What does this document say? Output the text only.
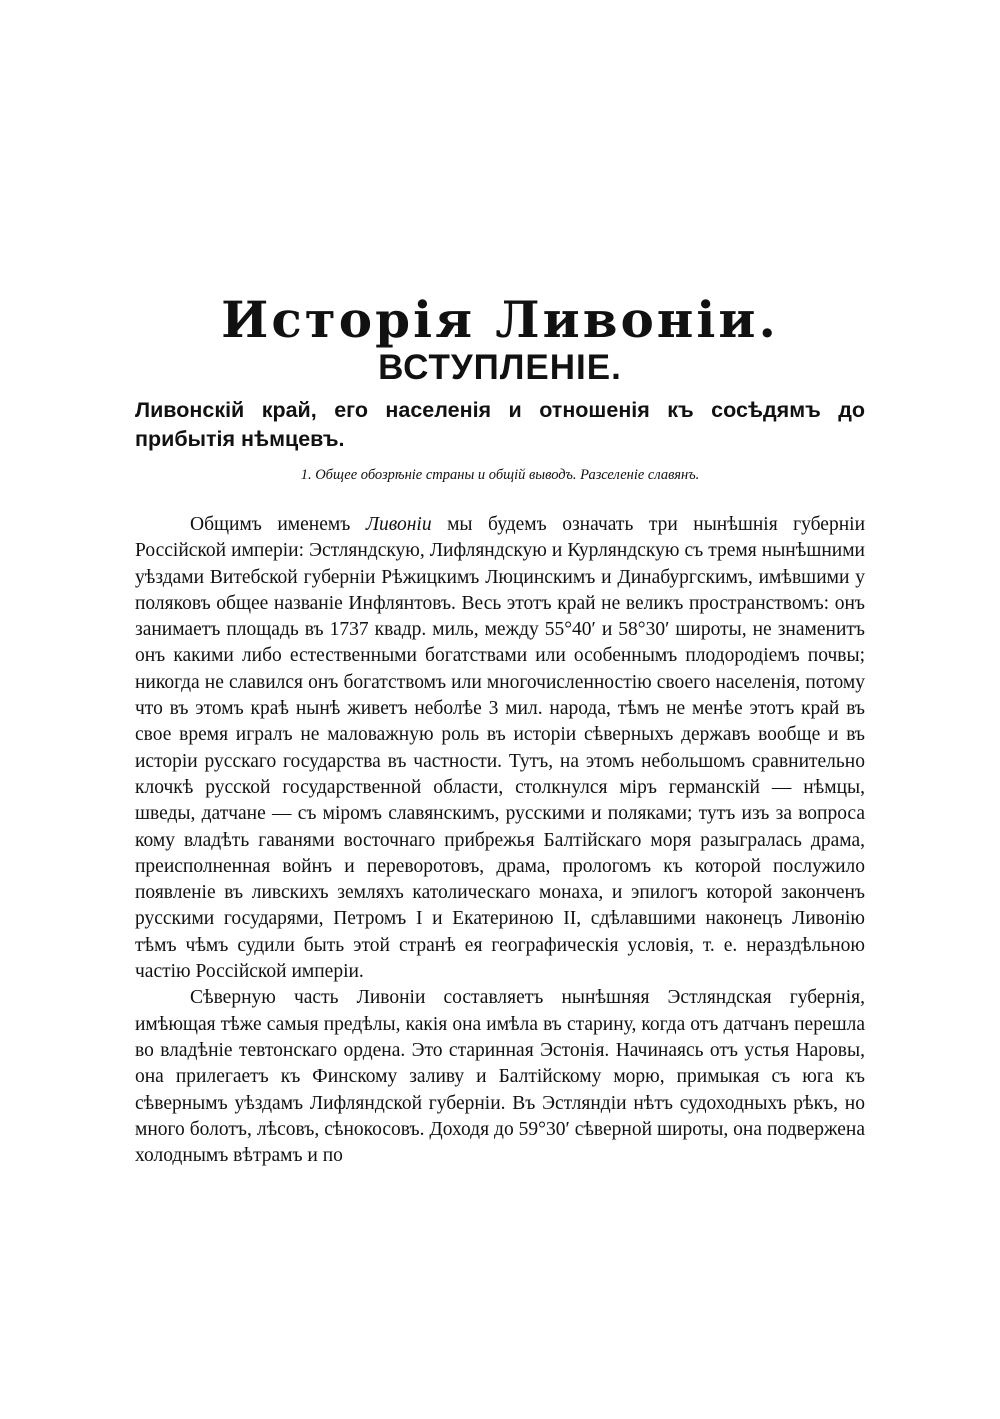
Исторія Ливоніи.
ВСТУПЛЕНІЕ.
Ливонскій край, его населенія и отношенія къ сосѣдямъ до прибытія нѣмцевъ.
1. Общее обозрѣніе страны и общій выводъ. Разселеніе славянъ.

Общимъ именемъ Ливоніи мы будемъ означать три нынѣшнія губерніи Россійской имперіи: Эстляндскую, Лифляндскую и Курляндскую съ тремя нынѣшними уѣздами Витебской губерніи Рѣжицкимъ Люцинскимъ и Динабургскимъ, имѣвшими у поляковъ общее названіе Инфлянтовъ. Весь этотъ край не великъ пространствомъ: онъ занимаетъ площадь въ 1737 квадр. миль, между 55°40′ и 58°30′ широты, не знаменитъ онъ какими либо естественными богатствами или особеннымъ плодородіемъ почвы; никогда не славился онъ богатствомъ или многочисленностію своего населенія, потому что въ этомъ краѣ нынѣ живетъ неболѣе 3 мил. народа, тѣмъ не менѣе этотъ край въ свое время игралъ не маловажную роль въ исторіи сѣверныхъ державъ вообще и въ исторіи русскаго государства въ частности. Тутъ, на этомъ небольшомъ сравнительно клочкѣ русской государственной области, столкнулся міръ германскій — нѣмцы, шведы, датчане — съ міромъ славянскимъ, русскими и поляками; тутъ изъ за вопроса кому владѣть гаванями восточнаго прибрежья Балтійскаго моря разыгралась драма, преисполненная войнъ и переворотовъ, драма, прологомъ къ которой послужило появленіе въ ливскихъ земляхъ католическаго монаха, и эпилогъ которой законченъ русскими государями, Петромъ I и Екатериною II, сдѣлавшими наконецъ Ливонію тѣмъ чѣмъ судили быть этой странѣ ея географическія условія, т. е. нераздѣльною частію Россійской имперіи.

Сѣверную часть Ливоніи составляетъ нынѣшняя Эстляндская губернія, имѣющая тѣже самыя предѣлы, какія она имѣла въ старину, когда отъ датчанъ перешла во владѣніе тевтонскаго ордена. Это старинная Эстонія. Начинаясь отъ устья Наровы, она прилегаетъ къ Финскому заливу и Балтійскому морю, примыкая съ юга къ сѣвернымъ уѣздамъ Лифляндской губерніи. Въ Эстляндіи нѣтъ судоходныхъ рѣкъ, но много болотъ, лѣсовъ, сѣнокосовъ. Доходя до 59°30′ сѣверной широты, она подвержена холоднымъ вѣтрамъ и по
